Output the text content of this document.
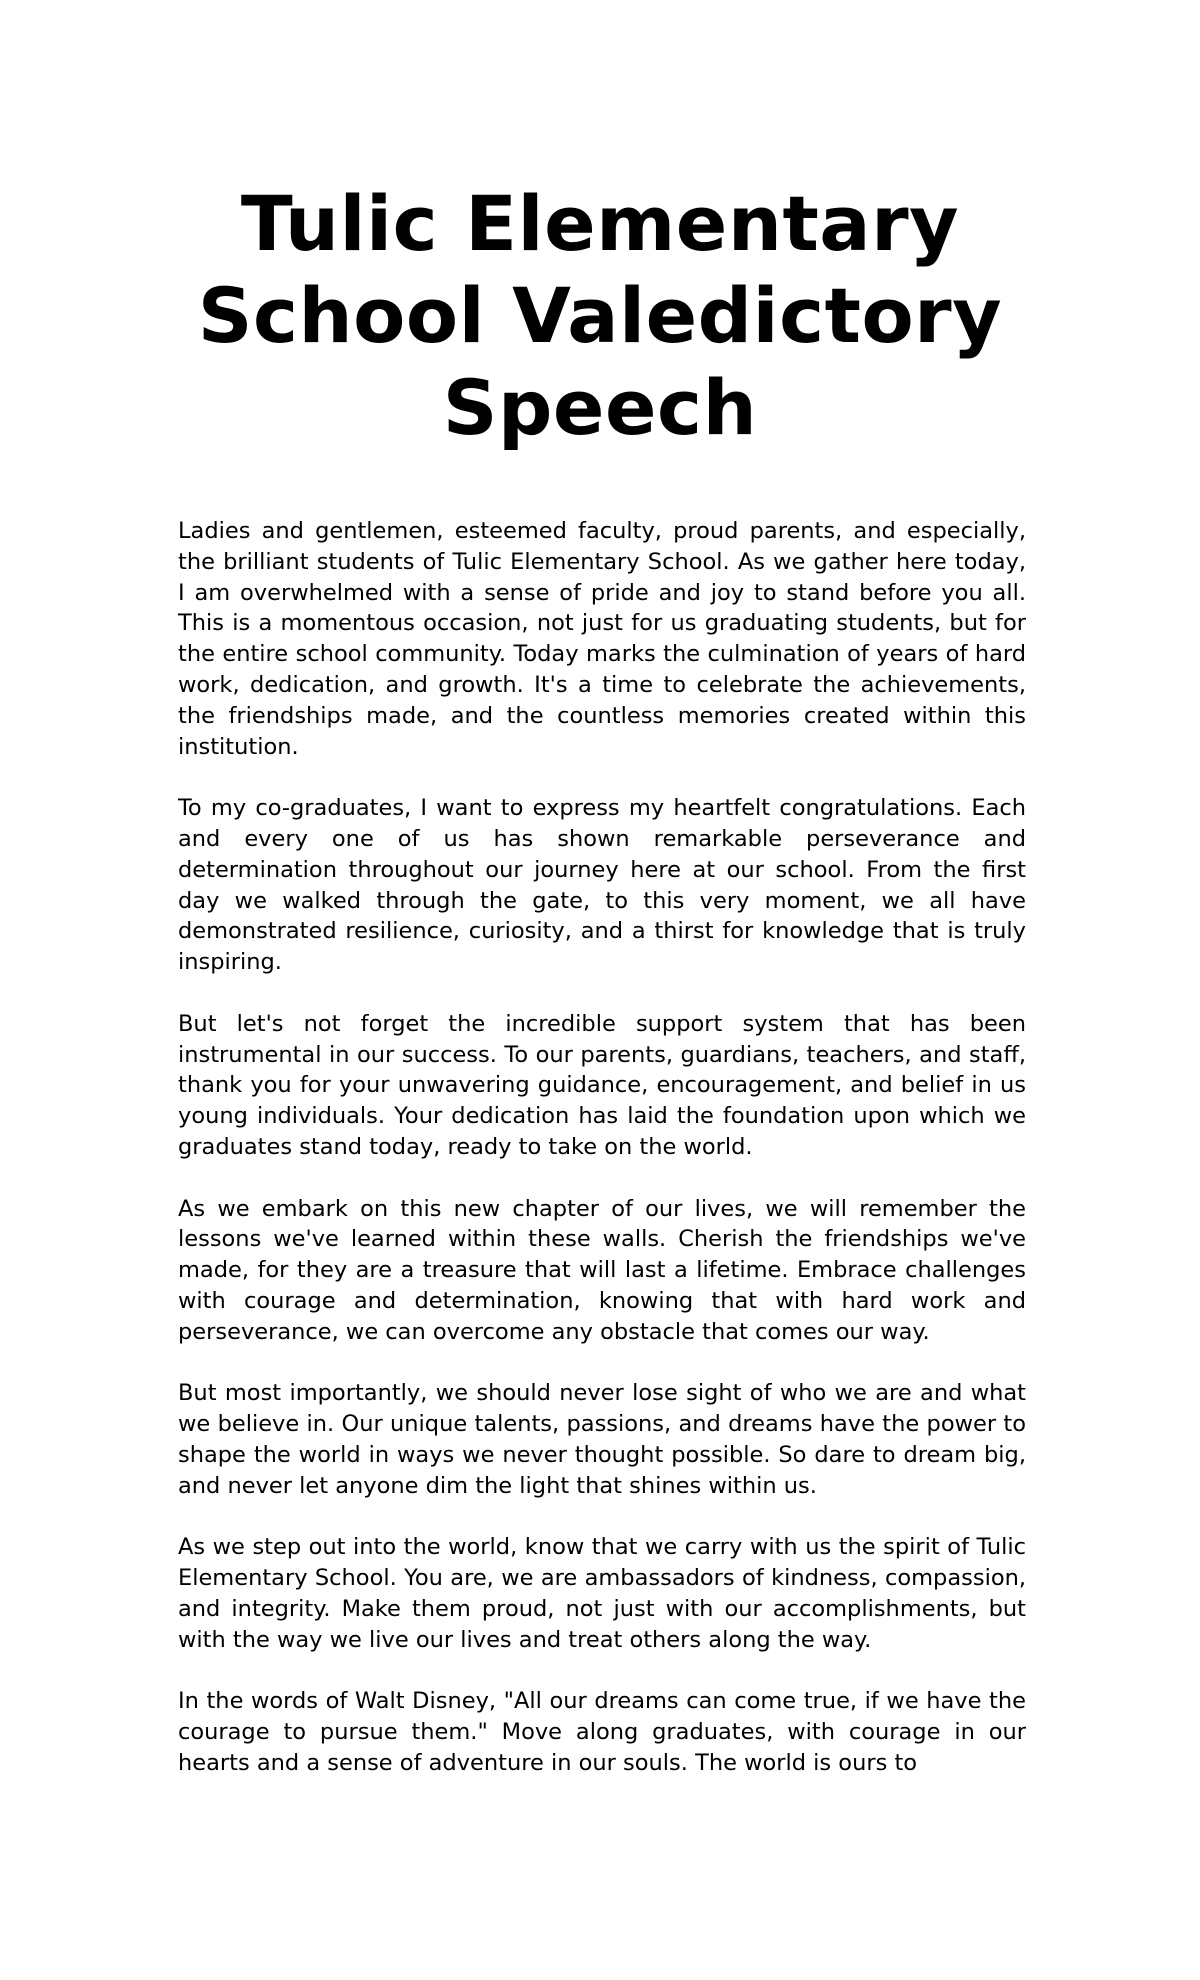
Tulic Elementary School Valedictory Speech

Ladies and gentlemen, esteemed faculty, proud parents, and especially, the brilliant students of Tulic Elementary School. As we gather here today, I am overwhelmed with a sense of pride and joy to stand before you all. This is a momentous occasion, not just for us graduating students, but for the entire school community. Today marks the culmination of years of hard work, dedication, and growth. It's a time to celebrate the achievements, the friendships made, and the countless memories created within this institution.

To my co-graduates, I want to express my heartfelt congratulations. Each and every one of us has shown remarkable perseverance and determination throughout our journey here at our school. From the first day we walked through the gate, to this very moment, we all have demonstrated resilience, curiosity, and a thirst for knowledge that is truly inspiring.

But let's not forget the incredible support system that has been instrumental in our success. To our parents, guardians, teachers, and staff, thank you for your unwavering guidance, encouragement, and belief in us young individuals. Your dedication has laid the foundation upon which we graduates stand today, ready to take on the world.

As we embark on this new chapter of our lives, we will remember the lessons we've learned within these walls. Cherish the friendships we've made, for they are a treasure that will last a lifetime. Embrace challenges with courage and determination, knowing that with hard work and perseverance, we can overcome any obstacle that comes our way.

But most importantly, we should never lose sight of who we are and what we believe in. Our unique talents, passions, and dreams have the power to shape the world in ways we never thought possible. So dare to dream big, and never let anyone dim the light that shines within us.

As we step out into the world, know that we carry with us the spirit of Tulic Elementary School. You are, we are ambassadors of kindness, compassion, and integrity. Make them proud, not just with our accomplishments, but with the way we live our lives and treat others along the way.

In the words of Walt Disney, "All our dreams can come true, if we have the courage to pursue them." Move along graduates, with courage in our hearts and a sense of adventure in our souls. The world is ours to
